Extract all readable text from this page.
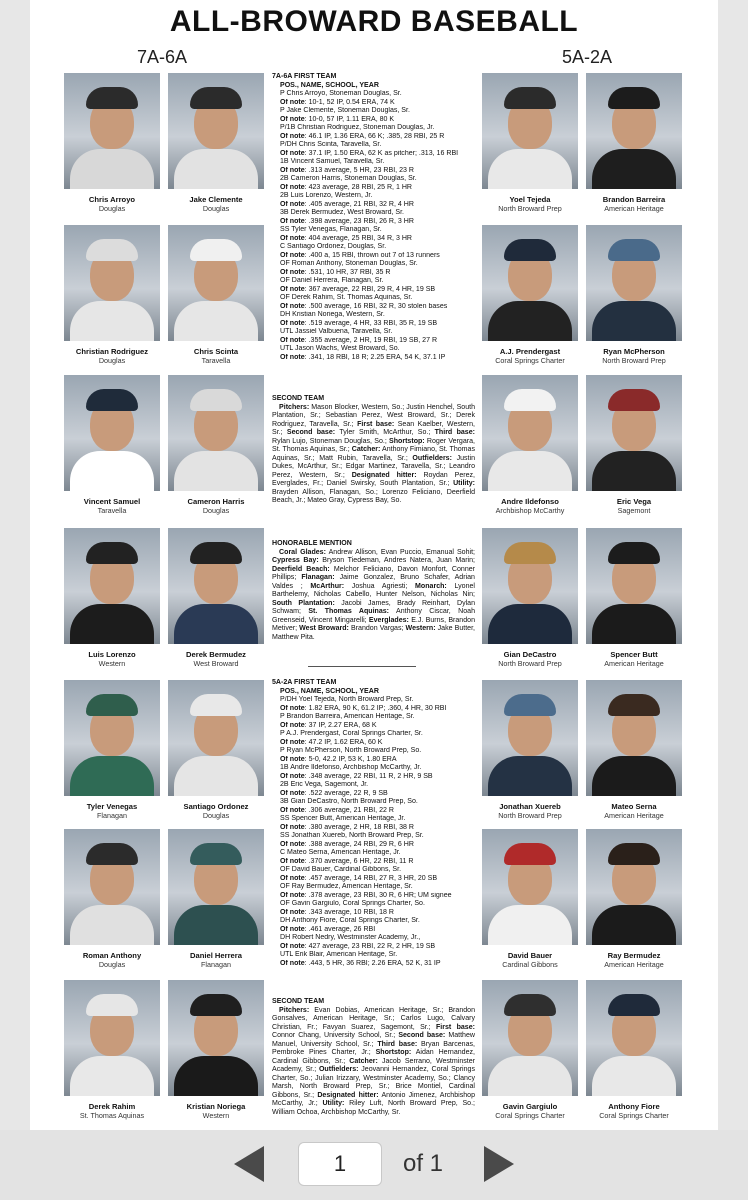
ALL-BROWARD BASEBALL
7A-6A	5A-2A
Chris Arroyo
Douglas
Jake Clemente
Douglas
Christian Rodriguez
Douglas
Chris Scinta
Taravella
Vincent Samuel
Taravella
Cameron Harris
Douglas
Luis Lorenzo
Western
Derek Bermudez
West Broward
Tyler Venegas
Flanagan
Santiago Ordonez
Douglas
Roman Anthony
Douglas
Daniel Herrera
Flanagan
Derek Rahim
St. Thomas Aquinas
Kristian Noriega
Western
Yoel Tejeda
North Broward Prep
Brandon Barreira
American Heritage
A.J. Prendergast
Coral Springs Charter
Ryan McPherson
North Broward Prep
Andre Ildefonso
Archbishop McCarthy
Eric Vega
Sagemont
Gian DeCastro
North Broward Prep
Spencer Butt
American Heritage
Jonathan Xuereb
North Broward Prep
Mateo Serna
American Heritage
David Bauer
Cardinal Gibbons
Ray Bermudez
American Heritage
Gavin Gargiulo
Coral Springs Charter
Anthony Fiore
Coral Springs Charter
7A-6A FIRST TEAM
POS., NAME, SCHOOL, YEAR
P Chris Arroyo, Stoneman Douglas, Sr.
Of note: 10-1, 52 IP, 0.54 ERA, 74 K
P Jake Clemente, Stoneman Douglas, Sr.
Of note: 10-0, 57 IP, 1.11 ERA, 80 K
P/1B Christian Rodriguez, Stoneman Douglas, Jr.
Of note: 46.1 IP, 1.36 ERA, 66 K; .385, 28 RBI, 25 R
P/DH Chris Scinta, Taravella, Sr.
Of note: 37.1 IP, 1.50 ERA, 62 K as pitcher; .313, 16 RBI
1B Vincent Samuel, Taravella, Sr.
Of note: .313 average, 5 HR, 23 RBI, 23 R
2B Cameron Harris, Stoneman Douglas, Sr.
Of note: 423 average, 28 RBI, 25 R, 1 HR
2B Luis Lorenzo, Western, Jr.
Of note: .405 average, 21 RBI, 32 R, 4 HR
3B Derek Bermudez, West Broward, Sr.
Of note: .398 average, 23 RBI, 26 R, 3 HR
SS Tyler Venegas, Flanagan, Sr.
Of note: 404 average, 25 RBI, 34 R, 3 HR
C Santiago Ordonez, Douglas, Sr.
Of note: .400 a, 15 RBI, thrown out 7 of 13 runners
OF Roman Anthony, Stoneman Douglas, Sr.
Of note: .531, 10 HR, 37 RBI, 35 R
OF Daniel Herrera, Flanagan, Sr.
Of note: 367 average, 22 RBI, 29 R, 4 HR, 19 SB
OF Derek Rahim, St. Thomas Aquinas, Sr.
Of note: .500 average, 16 RBI, 32 R, 30 stolen bases
DH Kristian Noriega, Western, Sr.
Of note: .519 average, 4 HR, 33 RBI, 35 R, 19 SB
UTL Jassiel Valbuena, Taravella, Sr.
Of note: .355 average, 2 HR, 19 RBI, 19 SB, 27 R
UTL Jason Wachs, West Broward, So.
Of note: .341, 18 RBI, 18 R; 2.25 ERA, 54 K, 37.1 IP
SECOND TEAM
 Pitchers: Mason Blocker, Western, So.; Justin Henchel, South Plantation, Sr.; Sebastian Perez, West Broward, Sr.; Derek Rodriguez, Taravella, Sr.; First base: Sean Kaelber, Western, Sr.; Second base: Tyler Smith, McArthur, So.; Third base: Rylan Lujo, Stoneman Douglas, So.; Shortstop: Roger Vergara, St. Thomas Aquinas, Sr.; Catcher: Anthony Fimiano, St. Thomas Aquinas, Sr.; Matt Rubin, Taravella, Sr.; Outfielders: Justin Dukes, McArthur, Sr.; Edgar Martinez, Taravella, Sr.; Leandro Perez, Western, Sr.; Designated hitter: Roydan Perez, Everglades, Fr.; Daniel Swirsky, South Plantation, Sr.; Utility: Brayden Allison, Flanagan, So.; Lorenzo Feliciano, Deerfield Beach, Jr.; Mateo Gray, Cypress Bay, So.
HONORABLE MENTION
 Coral Glades: Andrew Allison, Evan Puccio, Emanual Sohit; Cypress Bay: Bryson Tiedeman, Andres Natera, Juan Marin; Deerfield Beach: Melchor Feliciano, Davon Monfort, Conner Phillips; Flanagan: Jaime Gonzalez, Bruno Schafer, Adrian Valdes ; McArthur: Joshua Agriesti; Monarch: Lyonel Barthelemy, Nicholas Cabello, Hunter Nelson, Nicholas Nin; South Plantation: Jacobi James, Brady Reinhart, Dylan Schwam; St. Thomas Aquinas: Anthony Ciscar, Noah Greenseid, Vincent Mingarelli; Everglades: E.J. Burns, Brandon Metiver; West Broward: Brandon Vargas; Western: Jake Butter, Matthew Pita.
5A-2A FIRST TEAM
POS., NAME, SCHOOL, YEAR
P/DH Yoel Tejeda, North Broward Prep, Sr.
Of note: 1.82 ERA, 90 K, 61.2 IP; .360, 4 HR, 30 RBI
P Brandon Barreira, American Heritage, Sr.
Of note: 37 IP, 2.27 ERA, 68 K
P A.J. Prendergast, Coral Springs Charter, Sr.
Of note: 47.2 IP, 1.62 ERA, 60 K
P Ryan McPherson, North Broward Prep, So.
Of note: 5-0, 42.2 IP, 53 K, 1.80 ERA
1B Andre Ildefonso, Archbishop McCarthy, Jr.
Of note: .348 average, 22 RBI, 11 R, 2 HR, 9 SB
2B Eric Vega, Sagemont, Jr.
Of note: .522 average, 22 R, 9 SB
3B Gian DeCastro, North Broward Prep, So.
Of note: .306 average, 21 RBI, 22 R
SS Spencer Butt, American Heritage, Jr.
Of note: .380 average, 2 HR, 18 RBI, 38 R
SS Jonathan Xuereb, North Broward Prep, Sr.
Of note: .388 average, 24 RBI, 29 R, 6 HR
C Mateo Serna, American Heritage, Jr.
Of note: .370 average, 6 HR, 22 RBI, 11 R
OF David Bauer, Cardinal Gibbons, Sr.
Of note: .457 average, 14 RBI, 27 R, 3 HR, 20 SB
OF Ray Bermudez, American Heritage, Sr.
Of note: .378 average, 23 RBI, 30 R, 6 HR; UM signee
OF Gavin Gargiulo, Coral Springs Charter, So.
Of note: .343 average, 10 RBI, 18 R
DH Anthony Fiore, Coral Springs Charter, Sr.
Of note: .461 average, 26 RBI
DH Robert Nedry, Westminster Academy, Jr.,
Of note: 427 average, 23 RBI, 22 R, 2 HR, 19 SB
UTL Erik Blair, American Heritage, Sr.
Of note: .443, 5 HR, 36 RBI; 2.26 ERA, 52 K, 31 IP
SECOND TEAM
 Pitchers: Evan Dobias, American Heritage, Sr.; Brandon Gonsalves, American Heritage, Sr.; Carlos Lugo, Calvary Christian, Fr.; Favyan Suarez, Sagemont, Sr.; First base: Connor Chang, University School, Sr.; Second base: Matthew Manuel, University School, Sr.; Third base: Bryan Barcenas, Pembroke Pines Charter, Jr.; Shortstop: Aidan Hernandez, Cardinal Gibbons, Sr.; Catcher: Jacob Serrano, Westminster Academy, Sr.; Outfielders: Jeovanni Hernandez, Coral Springs Charter, So.; Julian Irizzary, Westminster Academy, So.; Clancy Marsh, North Broward Prep, Sr.; Brice Montiel, Cardinal Gibbons, Sr.; Designated hitter: Antonio Jimenez, Archbishop McCarthy, Jr.; Utility: Riley Luft, North Broward Prep, So.; William Ochoa, Archbishop McCarthy, Sr.
1
of 1
